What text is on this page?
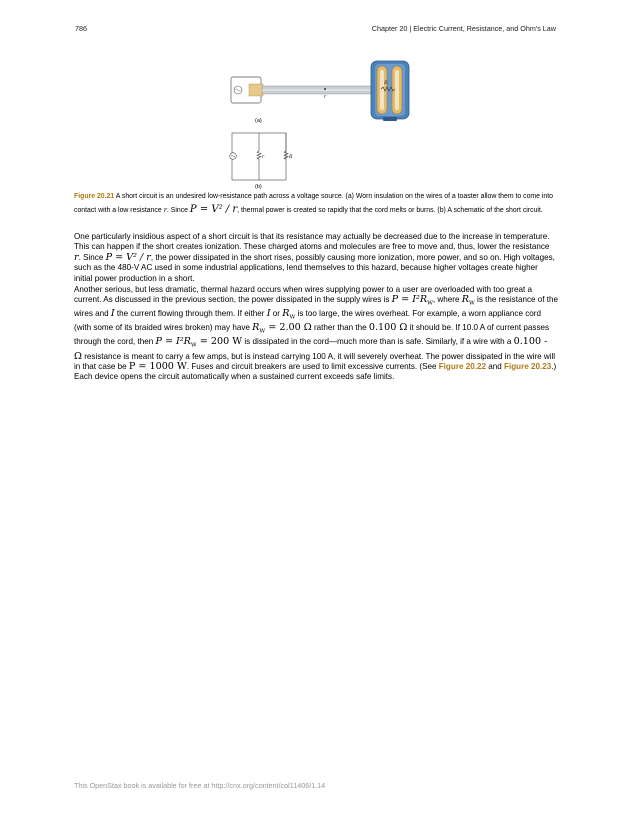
786	Chapter 20 | Electric Current, Resistance, and Ohm's Law
r
R
(a)
r	R
(b)
Figure 20.21 A short circuit is an undesired low-resistance path across a voltage source. (a) Worn insulation on the wires of a toaster allow them to come into contact with a low resistance r. Since P = V² / r, thermal power is created so rapidly that the cord melts or burns. (b) A schematic of the short circuit.

One particularly insidious aspect of a short circuit is that its resistance may actually be decreased due to the increase in temperature. This can happen if the short creates ionization. These charged atoms and molecules are free to move and, thus, lower the resistance r. Since P = V² / r, the power dissipated in the short rises, possibly causing more ionization, more power, and so on. High voltages, such as the 480-V AC used in some industrial applications, lend themselves to this hazard, because higher voltages create higher initial power production in a short.

Another serious, but less dramatic, thermal hazard occurs when wires supplying power to a user are overloaded with too great a current. As discussed in the previous section, the power dissipated in the supply wires is $P = I^2R_W$, where $R_W$ is the resistance of the wires and I the current flowing through them. If either I or $R_W$ is too large, the wires overheat. For example, a worn appliance cord (with some of its braided wires broken) may have $R_W = 2.00$ Ω rather than the 0.100 Ω it should be. If 10.0 A of current passes through the cord, then $P = I^2R_W = 200$ W is dissipated in the cord—much more than is safe. Similarly, if a wire with a 0.100 - Ω resistance is meant to carry a few amps, but is instead carrying 100 A, it will severely overheat. The power dissipated in the wire will in that case be P = 1000 W. Fuses and circuit breakers are used to limit excessive currents. (See Figure 20.22 and Figure 20.23.) Each device opens the circuit automatically when a sustained current exceeds safe limits.

This OpenStax book is available for free at http://cnx.org/content/col11406/1.14
